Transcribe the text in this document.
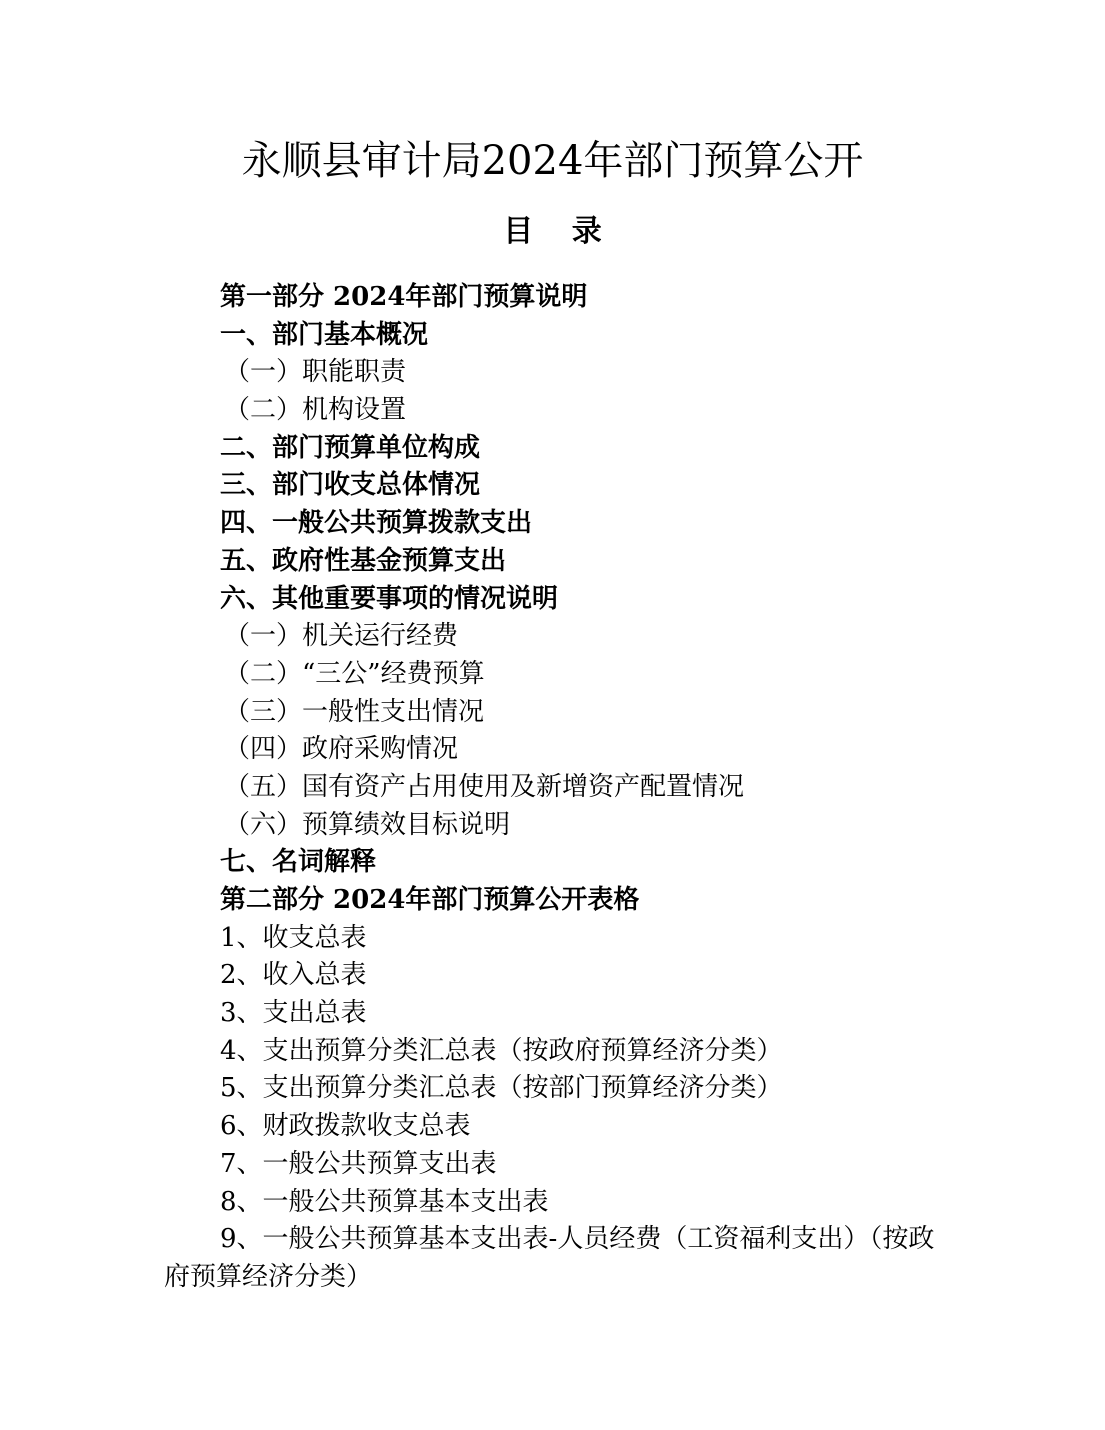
永顺县审计局2024年部门预算公开
目 录
第一部分 2024年部门预算说明
一、部门基本概况
（一）职能职责
（二）机构设置
二、部门预算单位构成
三、部门收支总体情况
四、一般公共预算拨款支出
五、政府性基金预算支出
六、其他重要事项的情况说明
（一）机关运行经费
（二）“三公”经费预算
（三）一般性支出情况
（四）政府采购情况
（五）国有资产占用使用及新增资产配置情况
（六）预算绩效目标说明
七、名词解释
第二部分 2024年部门预算公开表格
1、收支总表
2、收入总表
3、支出总表
4、支出预算分类汇总表（按政府预算经济分类）
5、支出预算分类汇总表（按部门预算经济分类）
6、财政拨款收支总表
7、一般公共预算支出表
8、一般公共预算基本支出表
9、一般公共预算基本支出表-人员经费（工资福利支出）（按政府预算经济分类）
